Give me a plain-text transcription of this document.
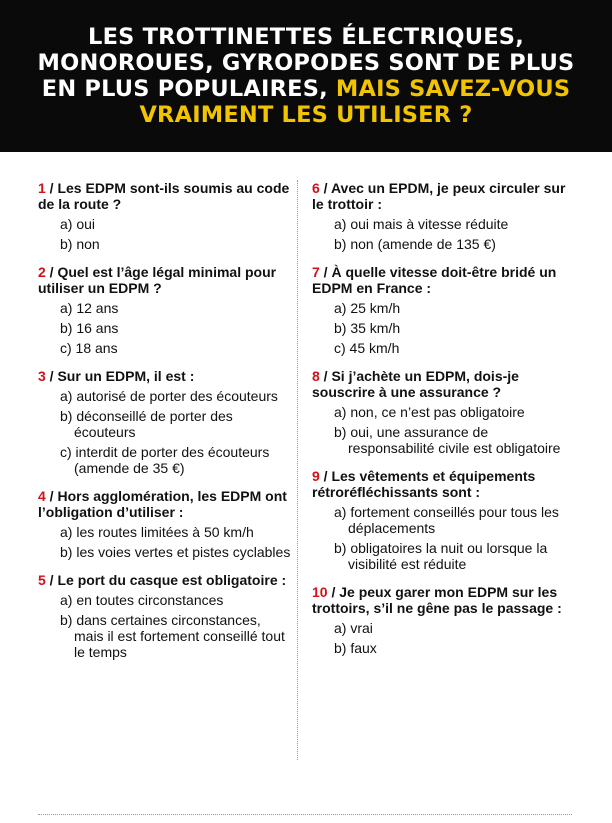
LES TROTTINETTES ÉLECTRIQUES, MONOROUES, GYROPODES SONT DE PLUS EN PLUS POPULAIRES, MAIS SAVEZ-VOUS VRAIMENT LES UTILISER ?

1 / Les EDPM sont-ils soumis au code de la route ?

a) oui
b) non

2 / Quel est l’âge légal minimal pour utiliser un EDPM ?

a) 12 ans
b) 16 ans
c) 18 ans

3 / Sur un EDPM, il est :

a) autorisé de porter des écouteurs
b) déconseillé de porter des écouteurs
c) interdit de porter des écouteurs (amende de 35 €)

4 / Hors agglomération, les EDPM ont l’obligation d’utiliser :

a) les routes limitées à 50 km/h
b) les voies vertes et pistes cyclables

5 / Le port du casque est obligatoire :

a) en toutes circonstances
b) dans certaines circonstances, mais il est fortement conseillé tout le temps

6 / Avec un EPDM, je peux circuler sur le trottoir :

a) oui mais à vitesse réduite
b) non (amende de 135 €)

7 / À quelle vitesse doit-être bridé un EDPM en France :

a) 25 km/h
b) 35 km/h
c) 45 km/h

8 / Si j’achète un EDPM, dois-je souscrire à une assurance ?

a) non, ce n’est pas obligatoire
b) oui, une assurance de responsabilité civile est obligatoire

9 / Les vêtements et équipements rétroréfléchissants sont :

a) fortement conseillés pour tous les déplacements
b) obligatoires la nuit ou lorsque la visibilité est réduite

10 / Je peux garer mon EDPM sur les trottoirs, s’il ne gêne pas le passage :

a) vrai
b) faux
